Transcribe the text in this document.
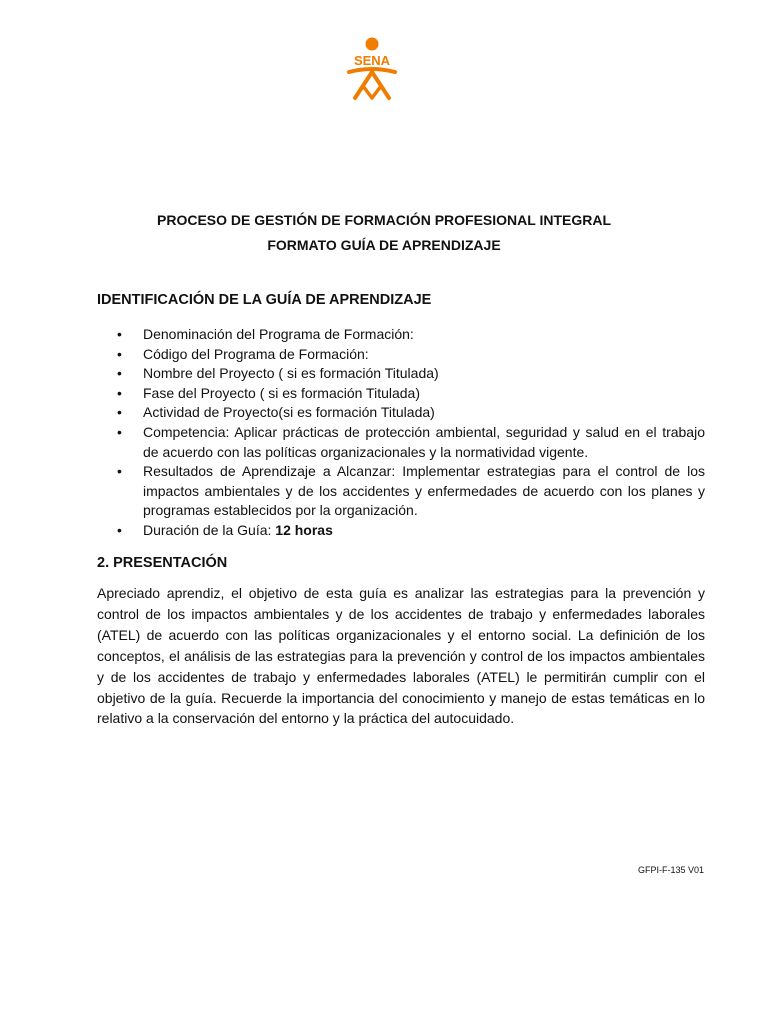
SENA
PROCESO DE GESTIÓN DE FORMACIÓN PROFESIONAL INTEGRAL
FORMATO GUÍA DE APRENDIZAJE
IDENTIFICACIÓN DE LA GUÍA DE APRENDIZAJE
• Denominación del Programa de Formación:
• Código del Programa de Formación:
• Nombre del Proyecto ( si es formación Titulada)
• Fase del Proyecto ( si es formación Titulada)
• Actividad de Proyecto(si es formación Titulada)
• Competencia: Aplicar prácticas de protección ambiental, seguridad y salud en el trabajo de acuerdo con las políticas organizacionales y la normatividad vigente.
• Resultados de Aprendizaje a Alcanzar: Implementar estrategias para el control de los impactos ambientales y de los accidentes y enfermedades de acuerdo con los planes y programas establecidos por la organización.
• Duración de la Guía: 12 horas
2. PRESENTACIÓN

Apreciado aprendiz, el objetivo de esta guía es analizar las estrategias para la prevención y control de los impactos ambientales y de los accidentes de trabajo y enfermedades laborales (ATEL) de acuerdo con las políticas organizacionales y el entorno social. La definición de los conceptos, el análisis de las estrategias para la prevención y control de los impactos ambientales y de los accidentes de trabajo y enfermedades laborales (ATEL) le permitirán cumplir con el objetivo de la guía. Recuerde la importancia del conocimiento y manejo de estas temáticas en lo relativo a la conservación del entorno y la práctica del autocuidado.

GFPI-F-135 V01
